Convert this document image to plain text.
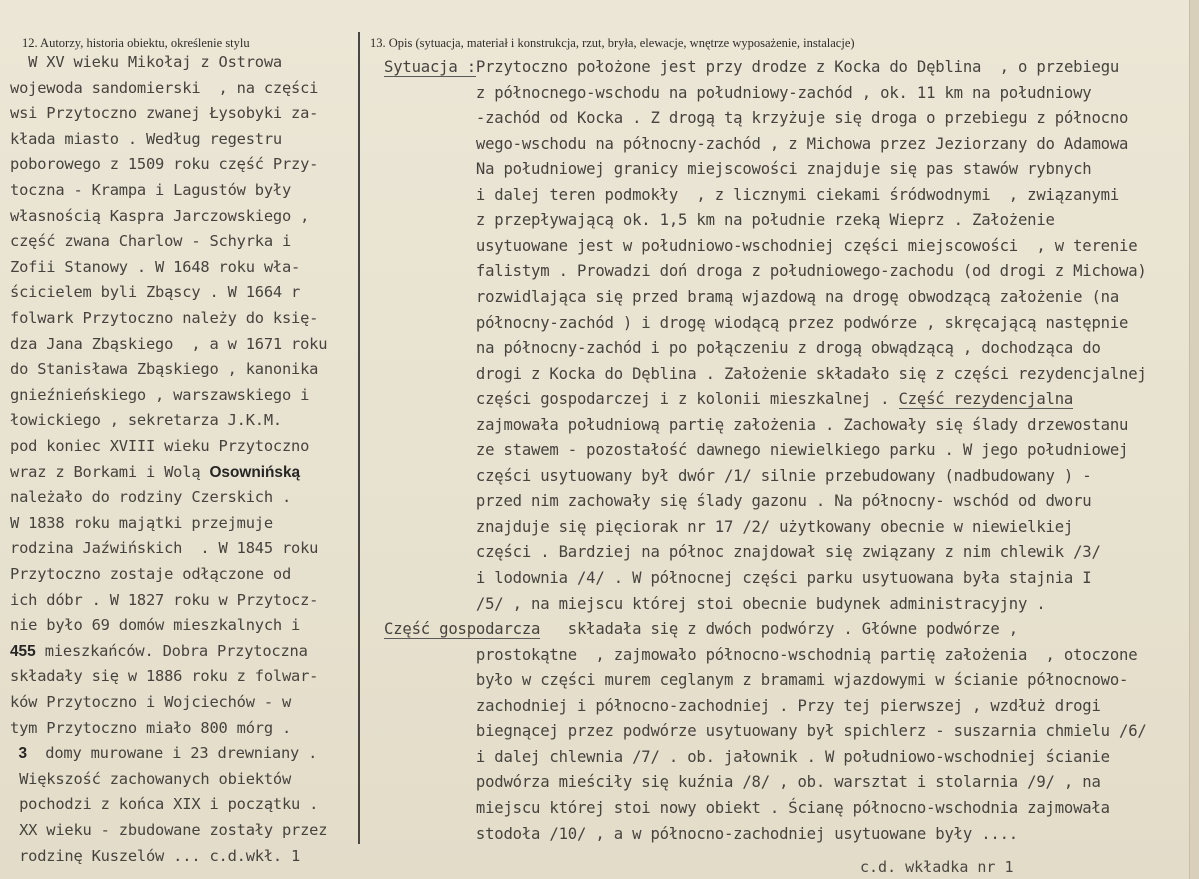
12. Autorzy, historia obiektu, określenie stylu	13. Opis (sytuacja, materiał i konstrukcja, rzut, bryła, elewacje, wnętrze wyposażenie, instalacje)
W XV wieku Mikołaj z Ostrowa
wojewoda sandomierski  , na części
wsi Przytoczno zwanej Łysobyki za-
kłada miasto . Według regestru
poborowego z 1509 roku część Przy-
toczna - Krampa i Lagustów były
własnością Kaspra Jarczowskiego ,
część zwana Charlow - Schyrka i
Zofii Stanowy . W 1648 roku wła-
ścicielem byli Zbąscy . W 1664 r
folwark Przytoczno należy do księ-
dza Jana Zbąskiego  , a w 1671 roku
do Stanisława Zbąskiego , kanonika
gnieźnieńskiego , warszawskiego i
łowickiego , sekretarza J.K.M.
pod koniec XVIII wieku Przytoczno
wraz z Borkami i Wolą Osownińską
należało do rodziny Czerskich .
W 1838 roku majątki przejmuje
rodzina Jaźwińskich  . W 1845 roku
Przytoczno zostaje odłączone od
ich dóbr . W 1827 roku w Przytocz-
nie było 69 domów mieszkalnych i
455 mieszkańców. Dobra Przytoczna
składały się w 1886 roku z folwar-
ków Przytoczno i Wojciechów - w
tym Przytoczno miało 800 mórg .
3  domy murowane i 23 drewniany .
Większość zachowanych obiektów
pochodzi z końca XIX i początku .
XX wieku - zbudowane zostały przez
rodzinę Kuszelów ... c.d.wkł. 1
Sytuacja :Przytoczno położone jest przy drodze z Kocka do Dęblina  , o przebiegu
z północnego-wschodu na południowy-zachód , ok. 11 km na południowy
-zachód od Kocka . Z drogą tą krzyżuje się droga o przebiegu z północno
wego-wschodu na północny-zachód , z Michowa przez Jeziorzany do Adamowa
Na południowej granicy miejscowości znajduje się pas stawów rybnych
i dalej teren podmokły  , z licznymi ciekami śródwodnymi  , związanymi
z przepływającą ok. 1,5 km na południe rzeką Wieprz . Założenie
usytuowane jest w południowo-wschodniej części miejscowości  , w terenie
falistym . Prowadzi doń droga z południowego-zachodu (od drogi z Michowa)
rozwidlająca się przed bramą wjazdową na drogę obwodzącą założenie (na
północny-zachód ) i drogę wiodącą przez podwórze , skręcającą następnie
na północny-zachód i po połączeniu z drogą obwądzącą , dochodząca do
drogi z Kocka do Dęblina . Założenie składało się z części rezydencjalnej
części gospodarczej i z kolonii mieszkalnej . Część rezydencjalna
zajmowała południową partię założenia . Zachowały się ślady drzewostanu
ze stawem - pozostałość dawnego niewielkiego parku . W jego południowej
części usytuowany był dwór /1/ silnie przebudowany (nadbudowany ) -
przed nim zachowały się ślady gazonu . Na północny- wschód od dworu
znajduje się pięciorak nr 17 /2/ użytkowany obecnie w niewielkiej
części . Bardziej na północ znajdował się związany z nim chlewik /3/
i lodownia /4/ . W północnej części parku usytuowana była stajnia I
/5/ , na miejscu której stoi obecnie budynek administracyjny .
Część gospodarcza   składała się z dwóch podwórzy . Główne podwórze ,
prostokątne  , zajmowało północno-wschodnią partię założenia  , otoczone
było w części murem ceglanym z bramami wjazdowymi w ścianie północnowo-
zachodniej i północno-zachodniej . Przy tej pierwszej , wzdłuż drogi
biegnącej przez podwórze usytuowany był spichlerz - suszarnia chmielu /6/
i dalej chlewnia /7/ . ob. jałownik . W południowo-wschodniej ścianie
podwórza mieściły się kuźnia /8/ , ob. warsztat i stolarnia /9/ , na
miejscu której stoi nowy obiekt . Ścianę północno-wschodnia zajmowała
stodoła /10/ , a w północno-zachodniej usytuowane były ....
c.d. wkładka nr 1
